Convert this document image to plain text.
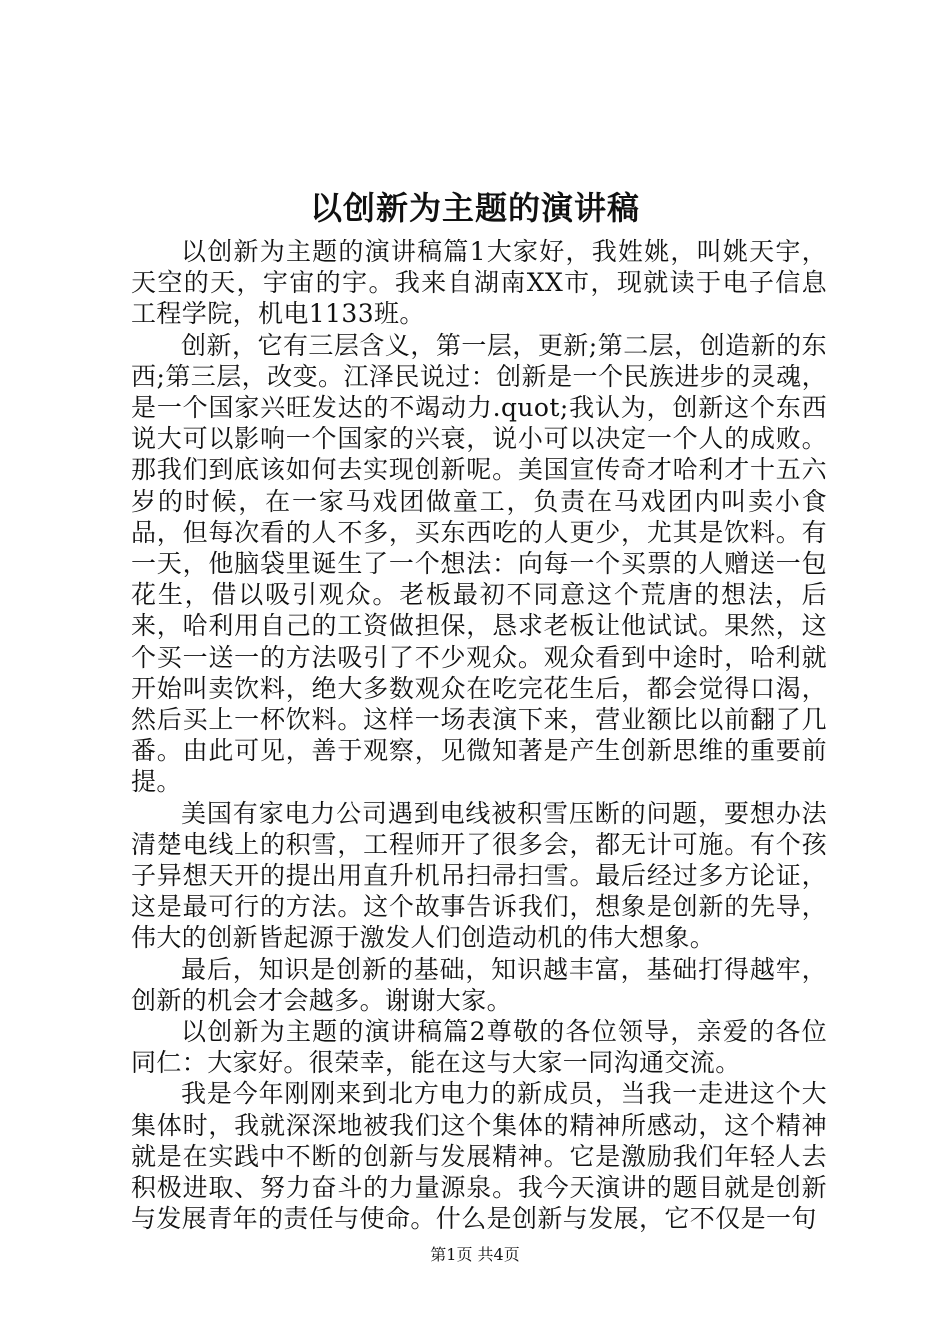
以创新为主题的演讲稿

以创新为主题的演讲稿篇1大家好，我姓姚，叫姚天宇，天空的天，宇宙的宇。我来自湖南XX市，现就读于电子信息工程学院，机电1133班。

创新，它有三层含义，第一层，更新;第二层，创造新的东西;第三层，改变。江泽民说过：创新是一个民族进步的灵魂，是一个国家兴旺发达的不竭动力.quot;我认为，创新这个东西说大可以影响一个国家的兴衰，说小可以决定一个人的成败。那我们到底该如何去实现创新呢。美国宣传奇才哈利才十五六岁的时候，在一家马戏团做童工，负责在马戏团内叫卖小食品，但每次看的人不多，买东西吃的人更少，尤其是饮料。有一天，他脑袋里诞生了一个想法：向每一个买票的人赠送一包花生，借以吸引观众。老板最初不同意这个荒唐的想法，后来，哈利用自己的工资做担保，恳求老板让他试试。果然，这个买一送一的方法吸引了不少观众。观众看到中途时，哈利就开始叫卖饮料，绝大多数观众在吃完花生后，都会觉得口渴，然后买上一杯饮料。这样一场表演下来，营业额比以前翻了几番。由此可见，善于观察，见微知著是产生创新思维的重要前提。

美国有家电力公司遇到电线被积雪压断的问题，要想办法清楚电线上的积雪，工程师开了很多会，都无计可施。有个孩子异想天开的提出用直升机吊扫帚扫雪。最后经过多方论证，这是最可行的方法。这个故事告诉我们，想象是创新的先导，伟大的创新皆起源于激发人们创造动机的伟大想象。

最后，知识是创新的基础，知识越丰富，基础打得越牢，创新的机会才会越多。谢谢大家。

以创新为主题的演讲稿篇2尊敬的各位领导，亲爱的各位同仁：大家好。很荣幸，能在这与大家一同沟通交流。

我是今年刚刚来到北方电力的新成员，当我一走进这个大集体时，我就深深地被我们这个集体的精神所感动，这个精神就是在实践中不断的创新与发展精神。它是激励我们年轻人去积极进取、努力奋斗的力量源泉。我今天演讲的题目就是创新与发展青年的责任与使命。什么是创新与发展，它不仅是一句

第1页 共4页
